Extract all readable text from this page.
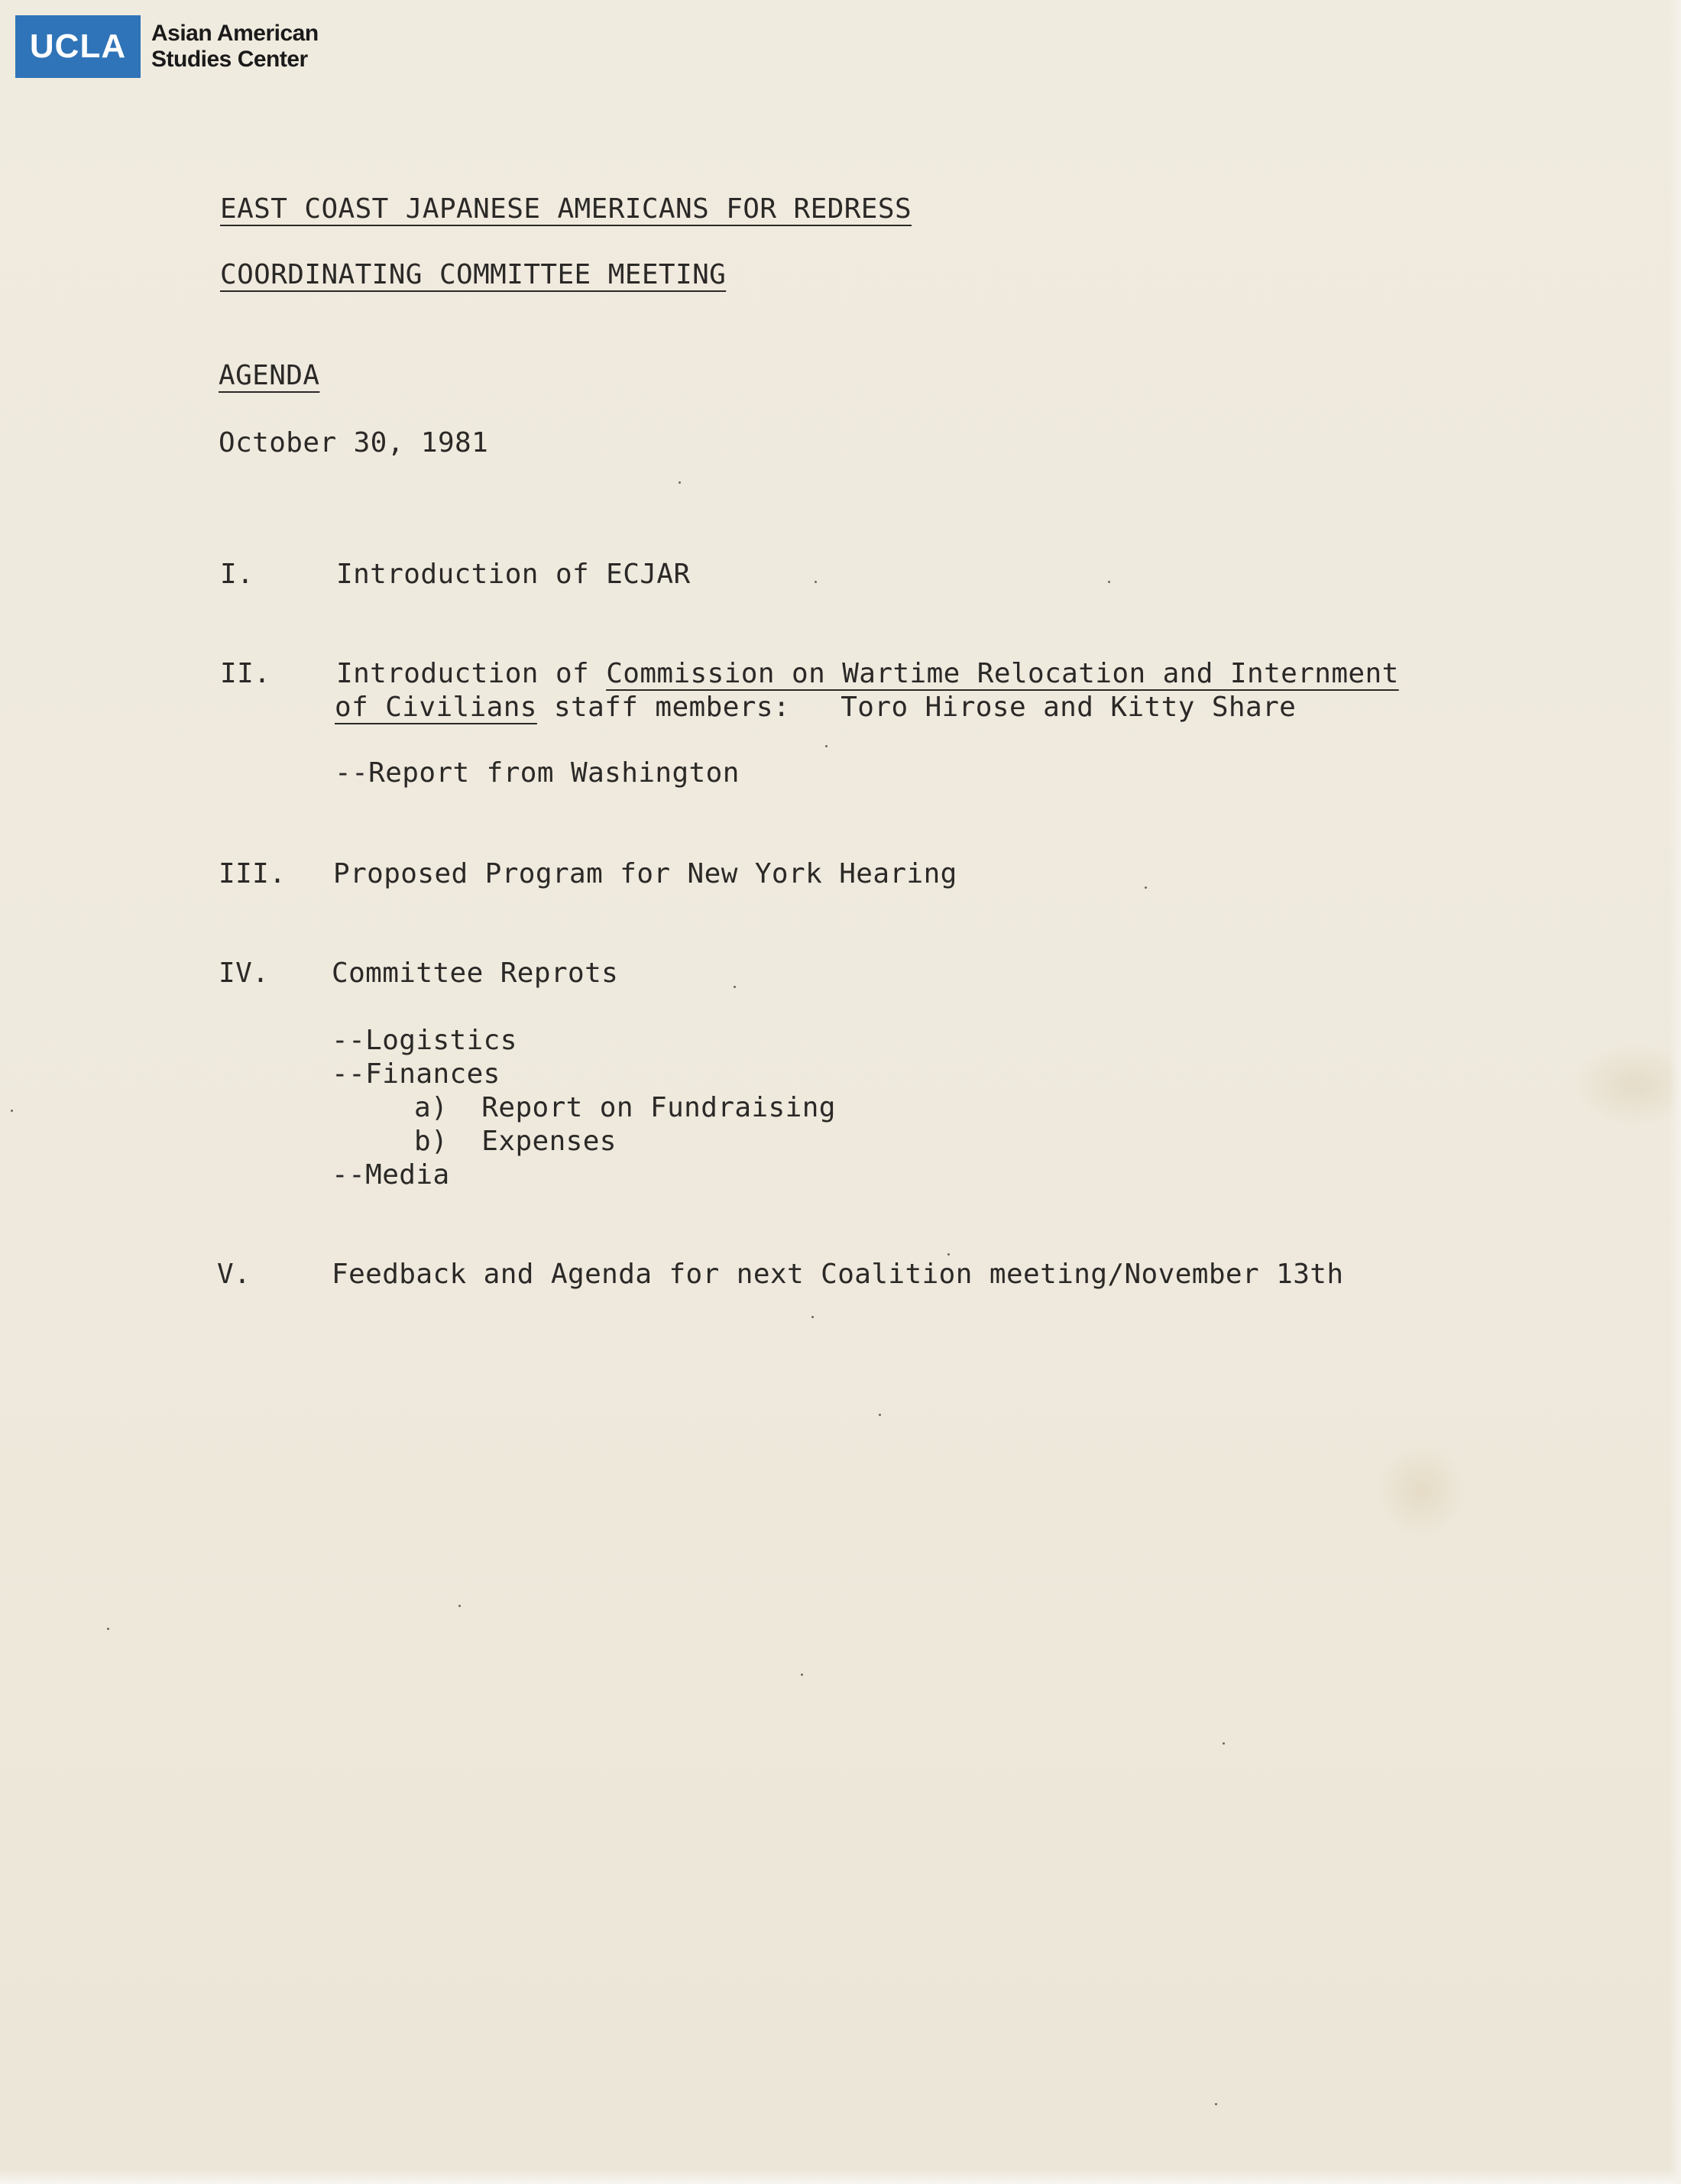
UCLA	Asian American
Studies Center
EAST COAST JAPANESE AMERICANS FOR REDRESS
COORDINATING COMMITTEE MEETING
AGENDA
October 30, 1981
I.	Introduction of ECJAR
II. Introduction of Commission on Wartime Relocation and Internment
of Civilians staff members:   Toro Hirose and Kitty Share
--Report from Washington
III. Proposed Program for New York Hearing
IV. Committee Reprots
--Logistics
--Finances
a)  Report on Fundraising
b)  Expenses
--Media
V.	Feedback and Agenda for next Coalition meeting/November 13th
